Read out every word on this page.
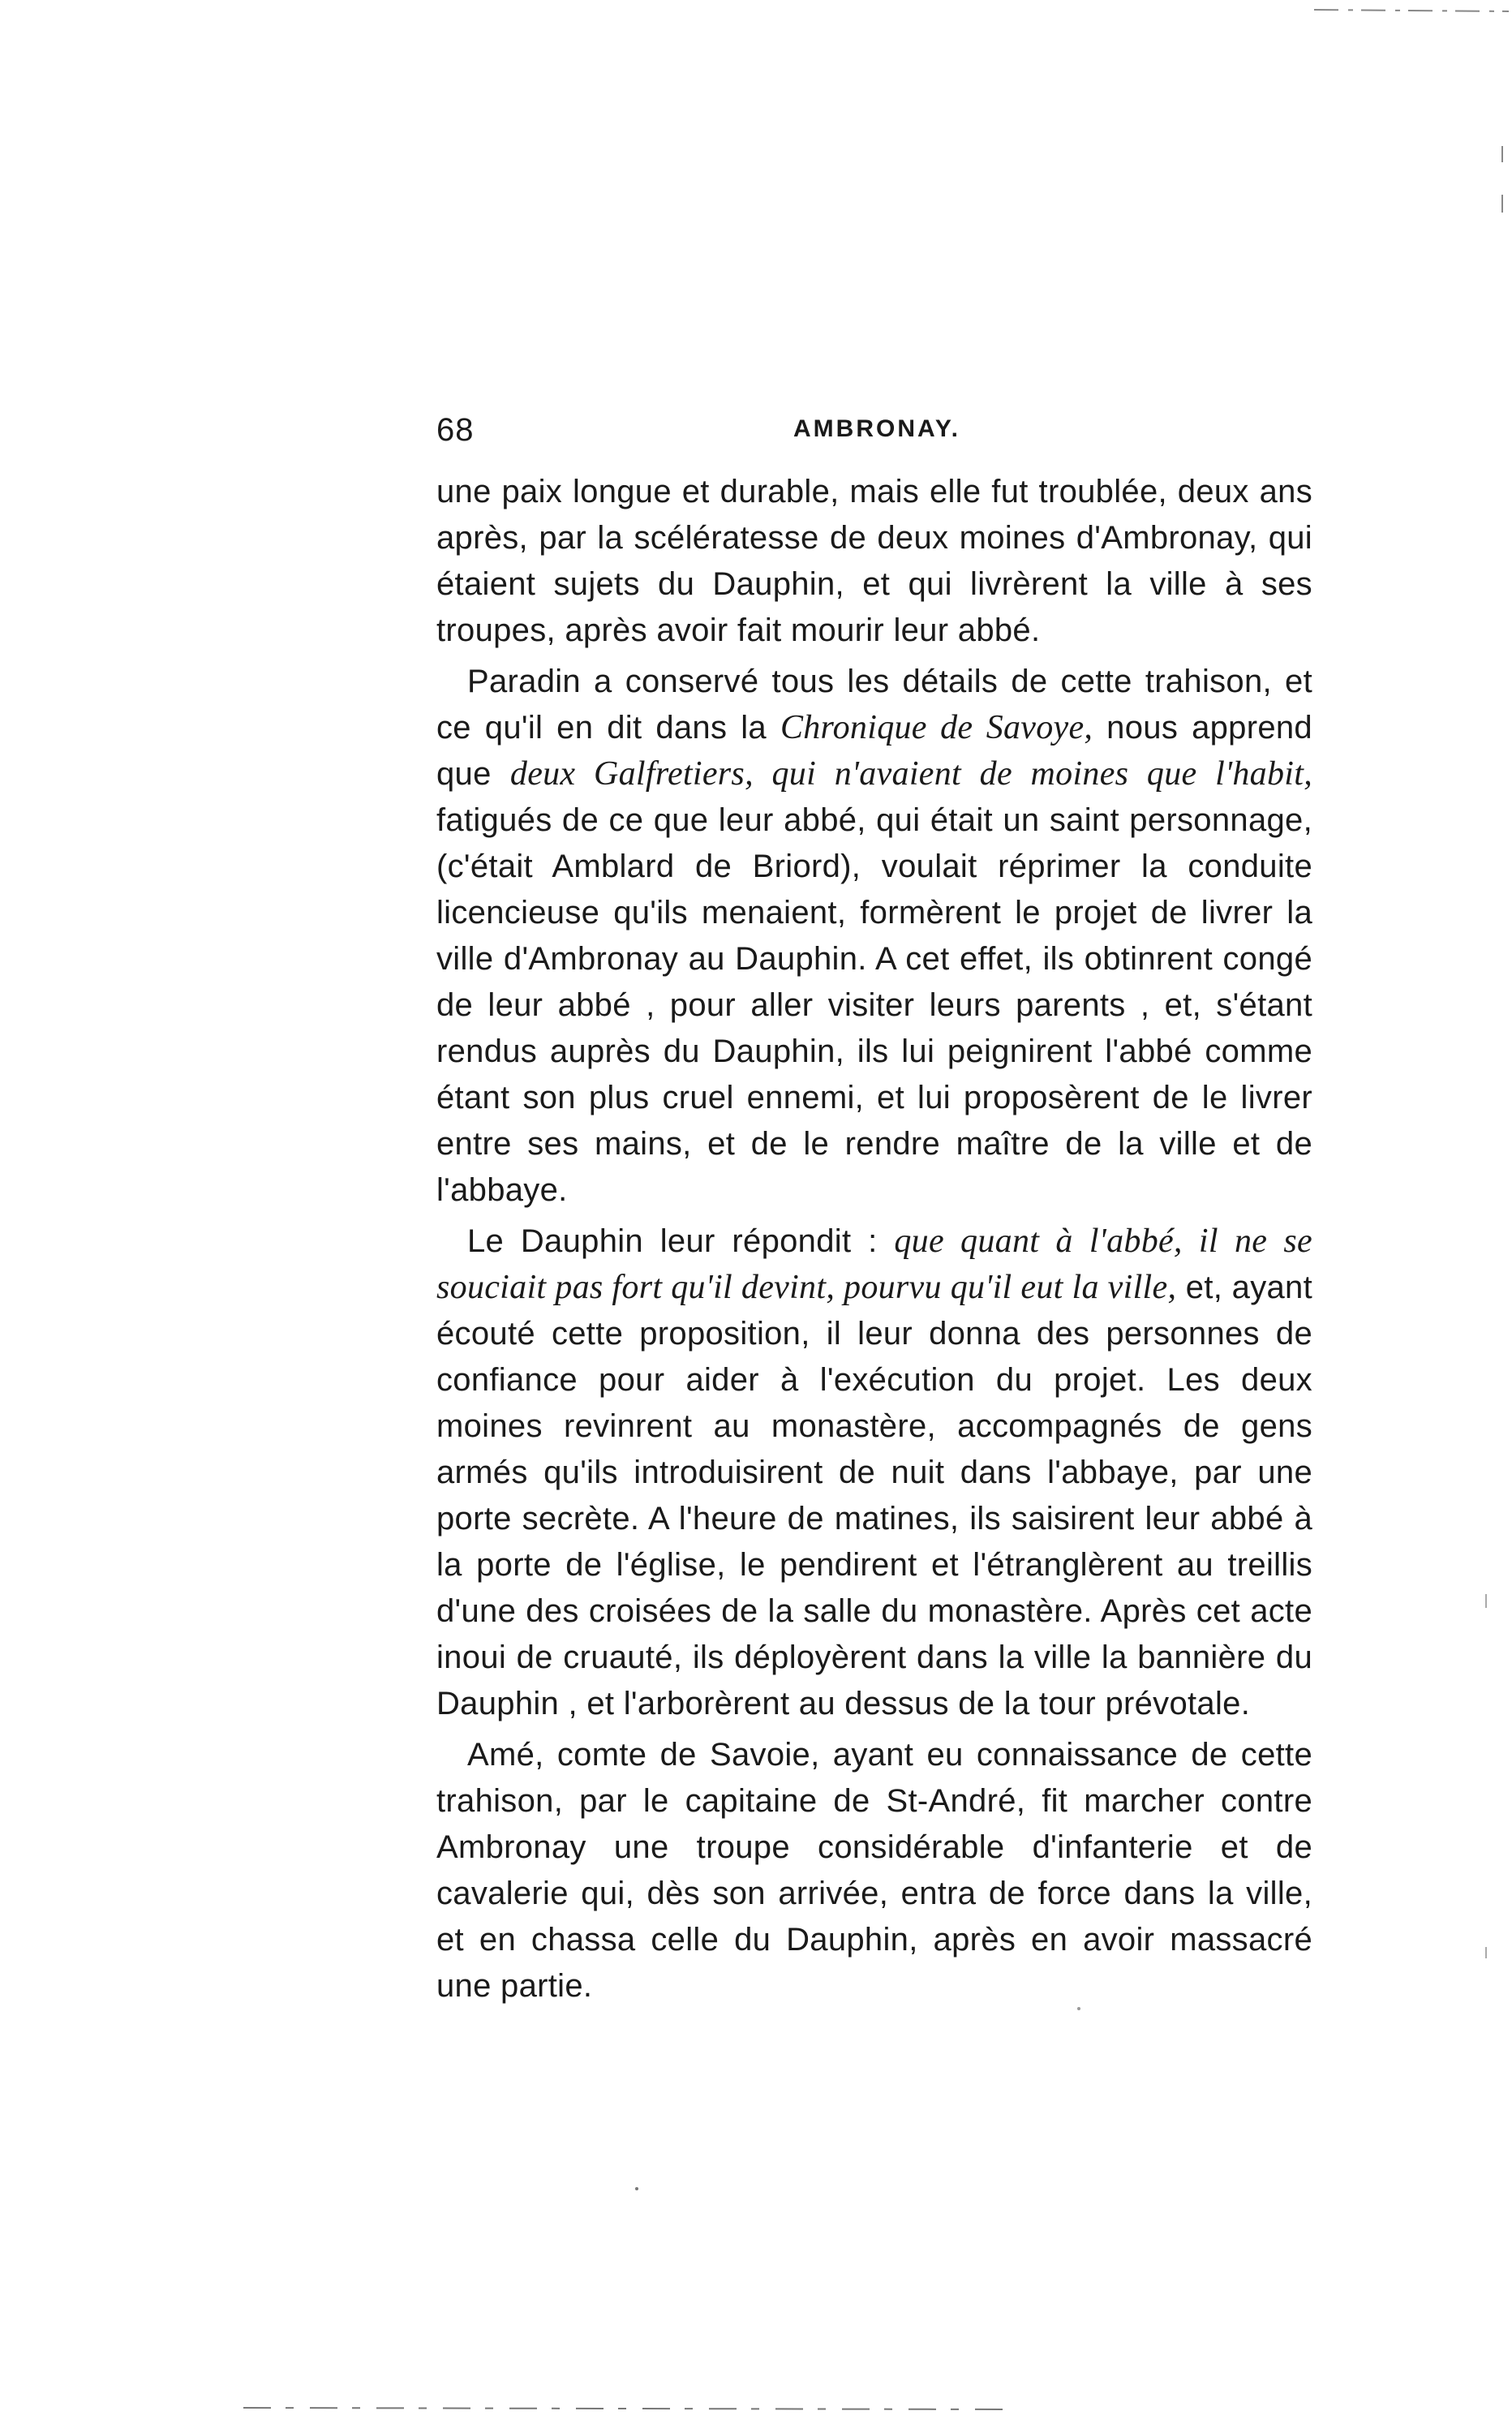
68	AMBRONAY.

une paix longue et durable, mais elle fut troublée, deux ans après, par la scélératesse de deux moines d'Ambronay, qui étaient sujets du Dauphin, et qui livrèrent la ville à ses troupes, après avoir fait mourir leur abbé.

Paradin a conservé tous les détails de cette trahison, et ce qu'il en dit dans la Chronique de Savoye, nous apprend que deux Galfretiers, qui n'avaient de moines que l'habit, fatigués de ce que leur abbé, qui était un saint personnage, (c'était Amblard de Briord), voulait réprimer la conduite licencieuse qu'ils menaient, formèrent le projet de livrer la ville d'Ambronay au Dauphin. A cet effet, ils obtinrent congé de leur abbé , pour aller visiter leurs parents , et, s'étant rendus auprès du Dauphin, ils lui peignirent l'abbé comme étant son plus cruel ennemi, et lui proposèrent de le livrer entre ses mains, et de le rendre maître de la ville et de l'abbaye.

Le Dauphin leur répondit : que quant à l'abbé, il ne se souciait pas fort qu'il devint, pourvu qu'il eut la ville, et, ayant écouté cette proposition, il leur donna des personnes de confiance pour aider à l'exécution du projet. Les deux moines revinrent au monastère, accompagnés de gens armés qu'ils introduisirent de nuit dans l'abbaye, par une porte secrète. A l'heure de matines, ils saisirent leur abbé à la porte de l'église, le pendirent et l'étranglèrent au treillis d'une des croisées de la salle du monastère. Après cet acte inoui de cruauté, ils déployèrent dans la ville la bannière du Dauphin , et l'arborèrent au dessus de la tour prévotale.

Amé, comte de Savoie, ayant eu connaissance de cette trahison, par le capitaine de St-André, fit marcher contre Ambronay une troupe considérable d'infanterie et de cavalerie qui, dès son arrivée, entra de force dans la ville, et en chassa celle du Dauphin, après en avoir massacré une partie.
